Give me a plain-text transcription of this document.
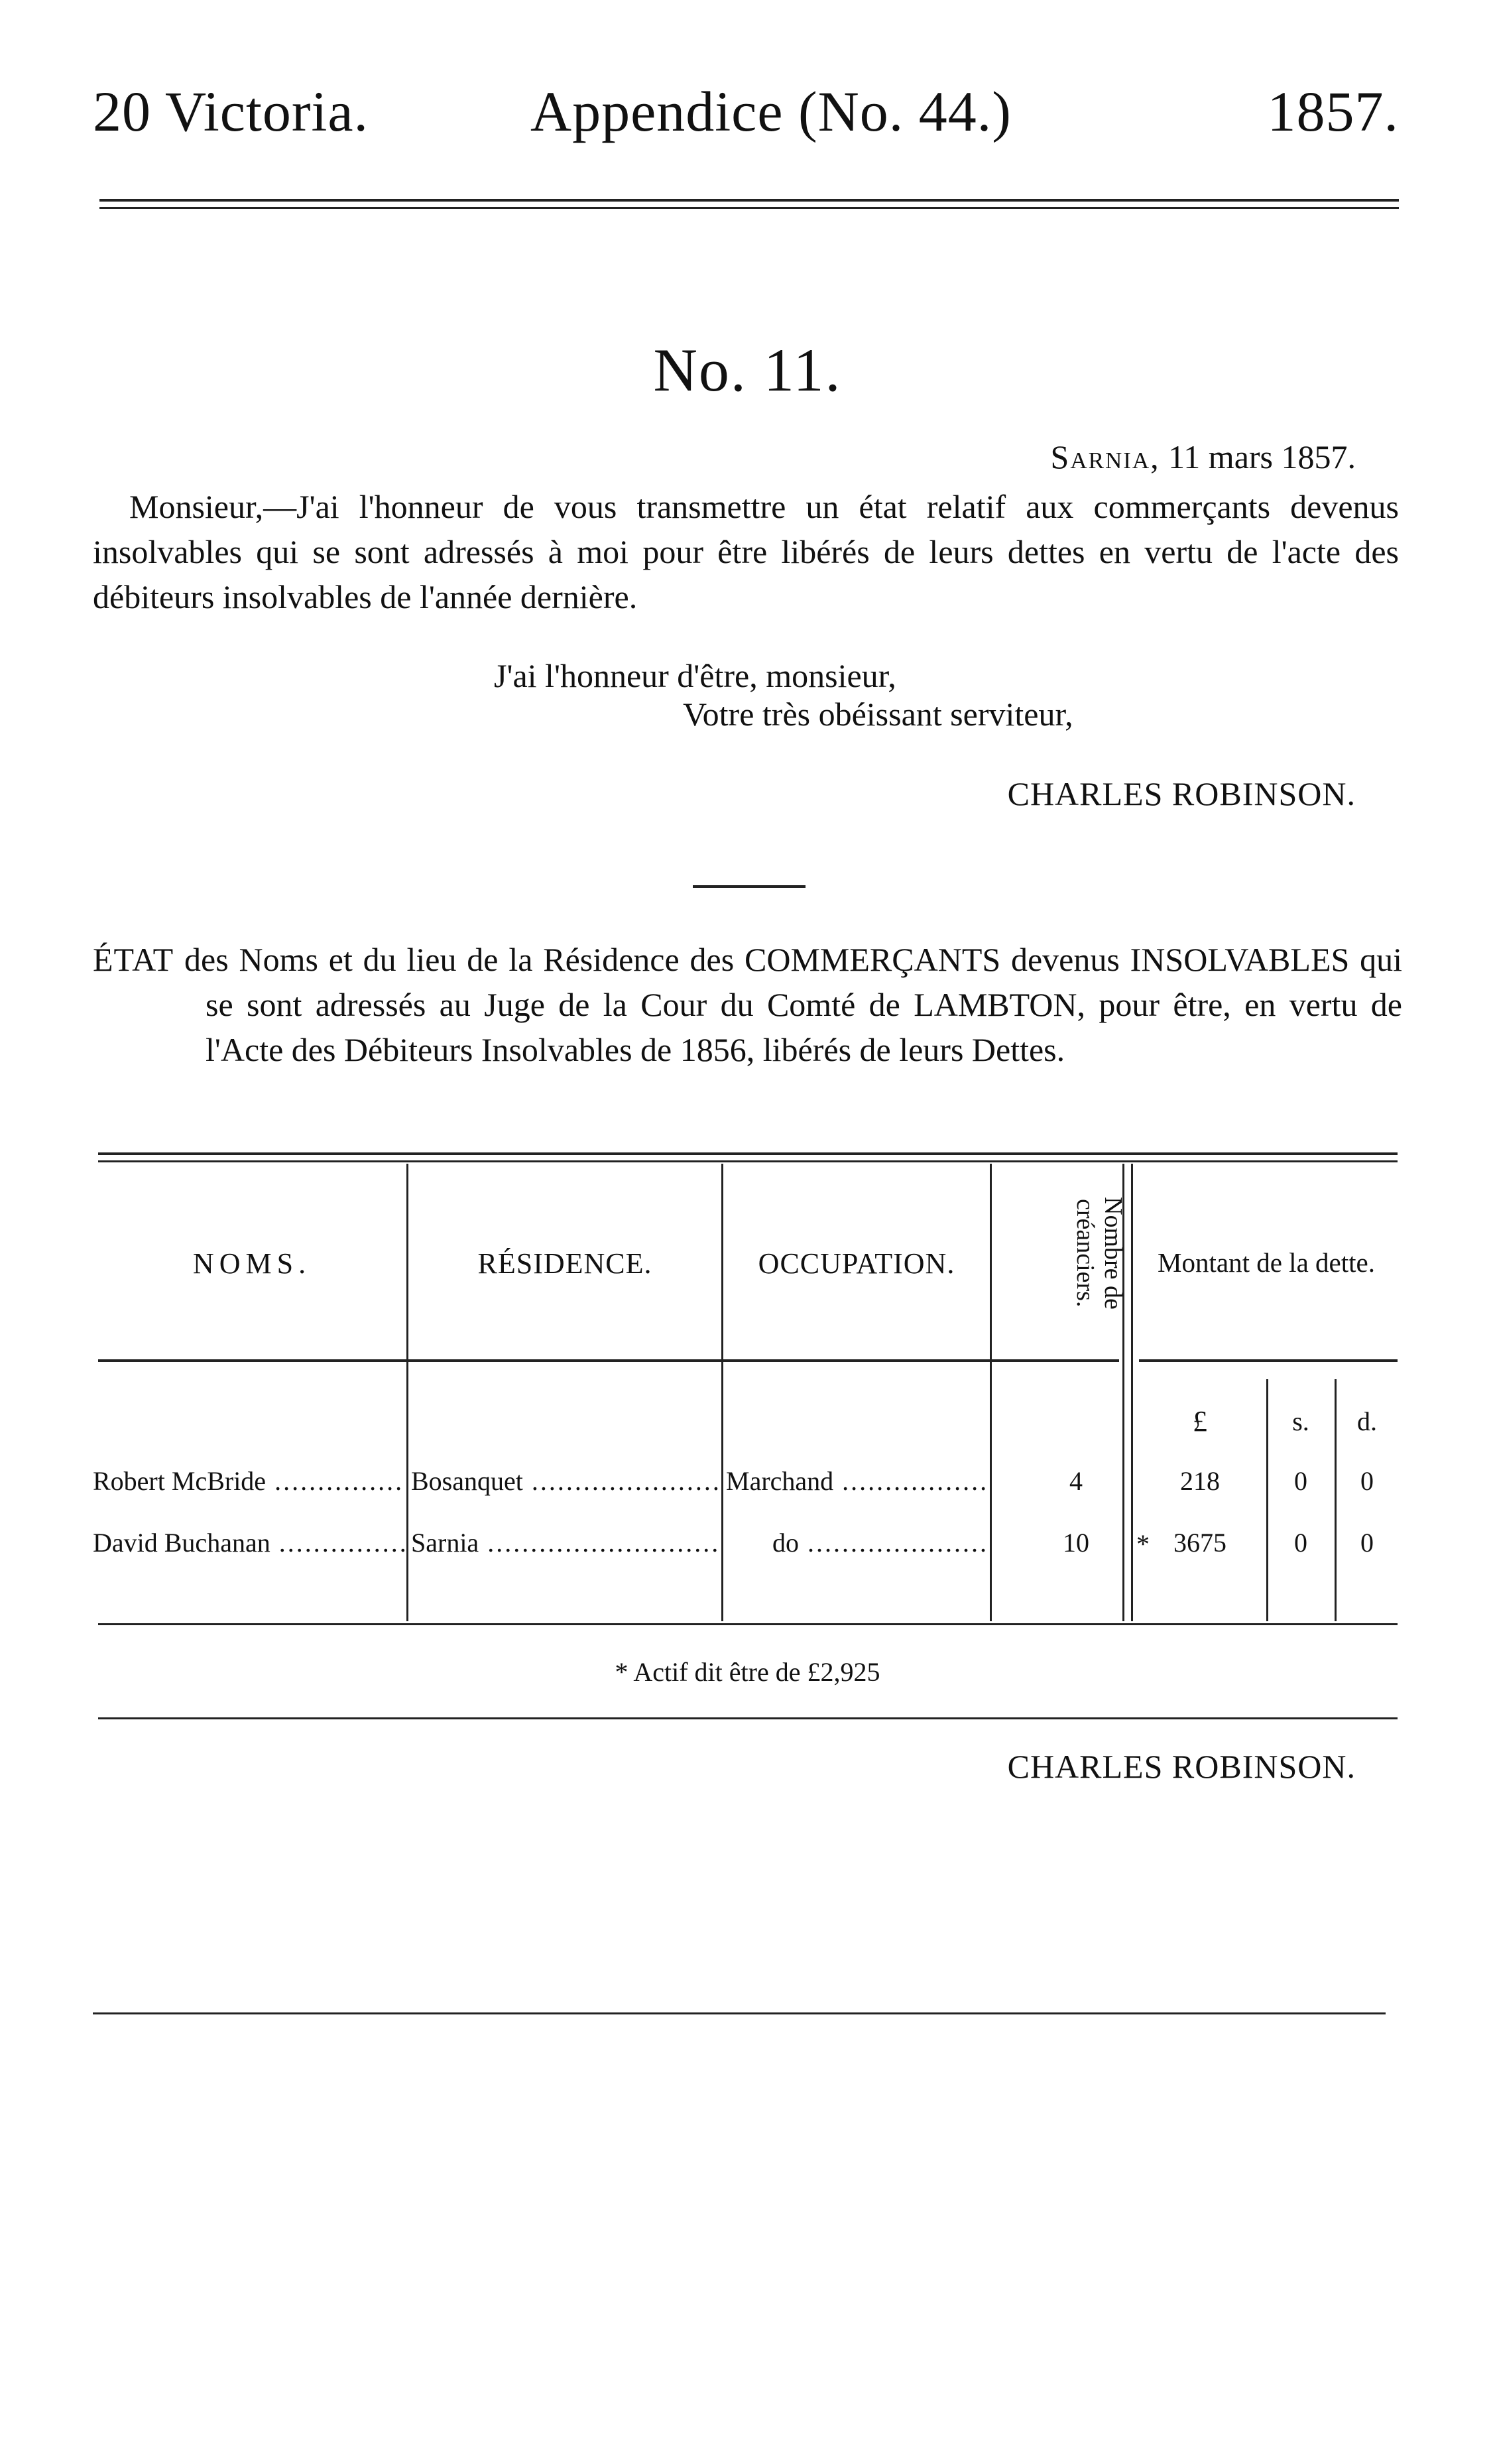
20 Victoria.	Appendice (No. 44.)	1857.
No. 11.
Sarnia, 11 mars 1857.
Monsieur,—J'ai l'honneur de vous transmettre un état relatif aux commerçants devenus insolvables qui se sont adressés à moi pour être libérés de leurs dettes en vertu de l'acte des débiteurs insolvables de l'année dernière.
J'ai l'honneur d'être, monsieur,
Votre très obéissant serviteur,
CHARLES ROBINSON.
ÉTAT des Noms et du lieu de la Résidence des COMMERÇANTS devenus INSOLVABLES qui se sont adressés au Juge de la Cour du Comté de LAMBTON, pour être, en vertu de l'Acte des Débiteurs Insolvables de 1856, libérés de leurs Dettes.
NOMS.	RÉSIDENCE.	OCCUPATION.	Nombre de créanciers.	Montant de la dette.
£	s.	d.
Robert McBride .....	Bosanquet .....	Marchand .....	4	218	0	0
David Buchanan .....	Sarnia .....	do .....	10	* 3675	0	0
* Actif dit être de £2,925
CHARLES ROBINSON.
